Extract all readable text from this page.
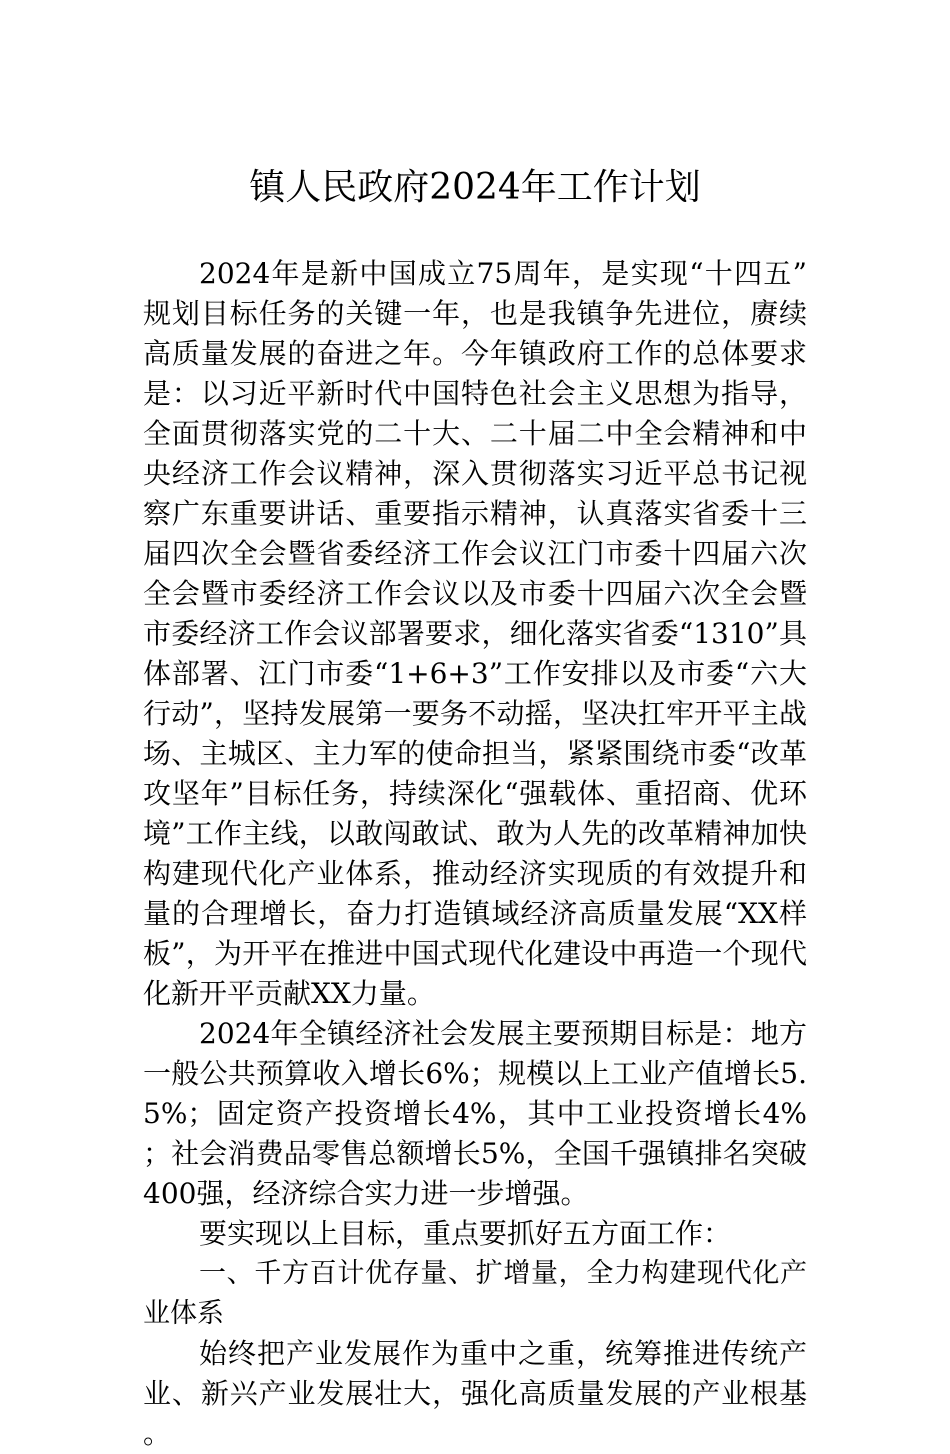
镇人民政府2024年工作计划

2024年是新中国成立75周年，是实现“十四五”规划目标任务的关键一年，也是我镇争先进位，赓续高质量发展的奋进之年。今年镇政府工作的总体要求是：以习近平新时代中国特色社会主义思想为指导，全面贯彻落实党的二十大、二十届二中全会精神和中央经济工作会议精神，深入贯彻落实习近平总书记视察广东重要讲话、重要指示精神，认真落实省委十三届四次全会暨省委经济工作会议江门市委十四届六次全会暨市委经济工作会议以及市委十四届六次全会暨市委经济工作会议部署要求，细化落实省委“1310”具体部署、江门市委“1+6+3”工作安排以及市委“六大行动”，坚持发展第一要务不动摇，坚决扛牢开平主战场、主城区、主力军的使命担当，紧紧围绕市委“改革攻坚年”目标任务，持续深化“强载体、重招商、优环境”工作主线，以敢闯敢试、敢为人先的改革精神加快构建现代化产业体系，推动经济实现质的有效提升和量的合理增长，奋力打造镇域经济高质量发展“XX样板”，为开平在推进中国式现代化建设中再造一个现代化新开平贡献XX力量。

2024年全镇经济社会发展主要预期目标是：地方一般公共预算收入增长6%；规模以上工业产值增长5.5%；固定资产投资增长4%，其中工业投资增长4%；社会消费品零售总额增长5%，全国千强镇排名突破400强，经济综合实力进一步增强。

要实现以上目标，重点要抓好五方面工作：

一、千方百计优存量、扩增量，全力构建现代化产业体系

始终把产业发展作为重中之重，统筹推进传统产业、新兴产业发展壮大，强化高质量发展的产业根基。
